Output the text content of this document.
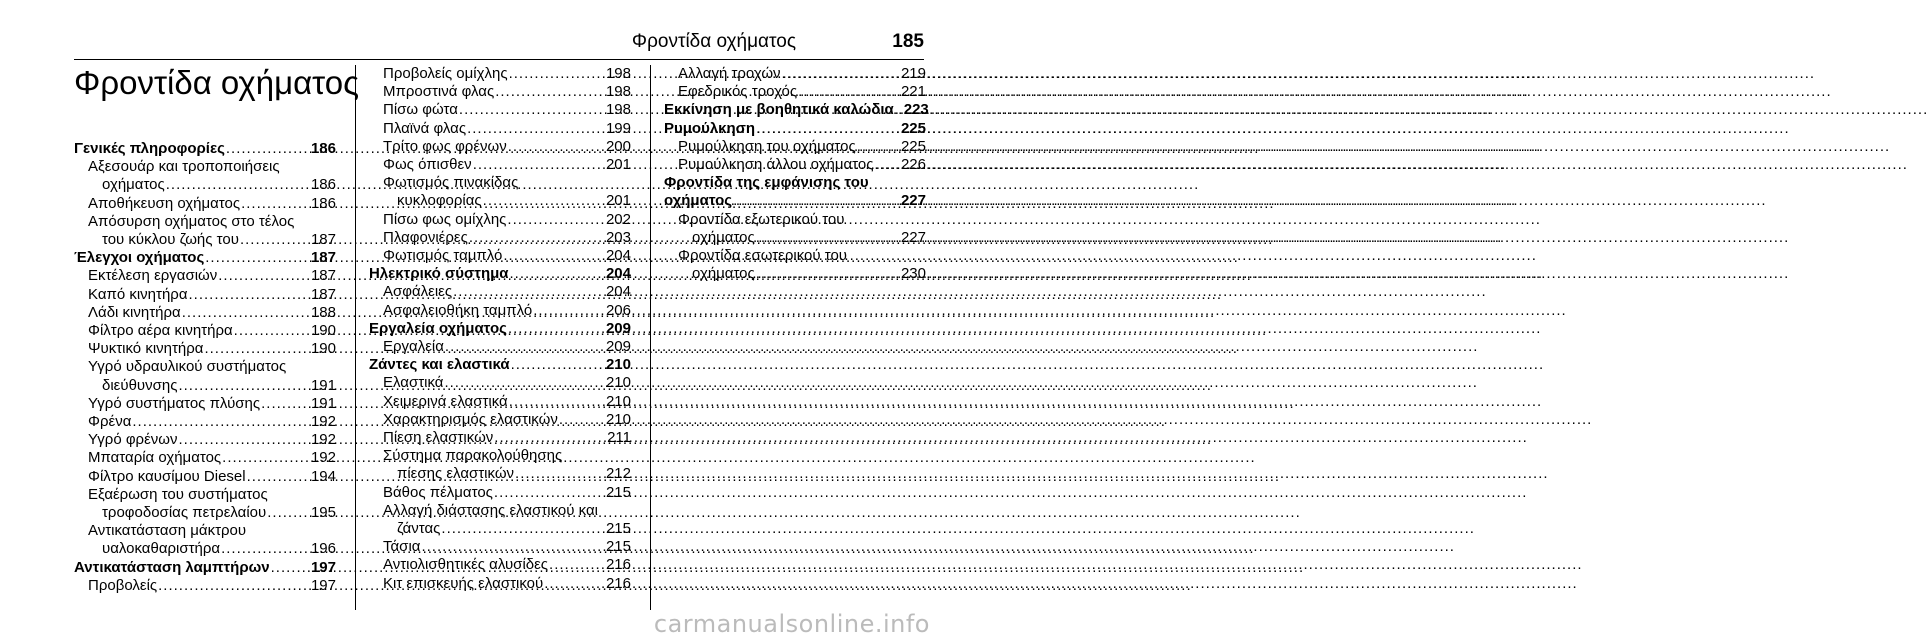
Φροντίδα οχήματος	185
Φροντίδα οχήματος
Γενικές πληροφορίες .....	186
Αξεσουάρ και τροποποιήσεις
οχήματος .....	186
Αποθήκευση οχήματος .....	186
Απόσυρση οχήματος στο τέλος
του κύκλου ζωής του .....	187
Έλεγχοι οχήματος .....	187
Εκτέλεση εργασιών .....	187
Καπό κινητήρα .....	187
Λάδι κινητήρα .....	188
Φίλτρο αέρα κινητήρα .....	190
Ψυκτικό κινητήρα .....	190
Υγρό υδραυλικού συστήματος
διεύθυνσης .....	191
Υγρό συστήματος πλύσης .....	191
Φρένα .....	192
Υγρό φρένων .....	192
Μπαταρία οχήματος .....	192
Φίλτρο καυσίμου Diesel .....	194
Εξαέρωση του συστήματος
τροφοδοσίας πετρελαίου .....	195
Αντικατάσταση μάκτρου
υαλοκαθαριστήρα .....	196
Αντικατάσταση λαμπτήρων .....	197
Προβολείς .....	197
Προβολείς ομίχλης .....	198
Μπροστινά φλας .....	198
Πίσω φώτα .....	198
Πλαϊνά φλας .....	199
Τρίτο φως φρένων .....	200
Φως όπισθεν .....	201
Φωτισμός πινακίδας
κυκλοφορίας .....	201
Πίσω φως ομίχλης .....	202
Πλαφονιέρες .....	203
Φωτισμός ταμπλό .....	204
Ηλεκτρικό σύστημα .....	204
Ασφάλειες .....	204
Ασφαλειοθήκη ταμπλό .....	206
Εργαλεία οχήματος .....	209
Εργαλεία .....	209
Ζάντες και ελαστικά .....	210
Ελαστικά .....	210
Χειμερινά ελαστικά .....	210
Χαρακτηρισμός ελαστικών .....	210
Πίεση ελαστικών .....	211
Σύστημα παρακολούθησης
πίεσης ελαστικών .....	212
Βάθος πέλματος .....	215
Αλλαγή διάστασης ελαστικού και
ζάντας .....	215
Τάσια .....	215
Αντιολισθητικές αλυσίδες .....	216
Κιτ επισκευής ελαστικού .....	216
Αλλαγή τροχών .....	219
Εφεδρικός τροχός .....	221
Εκκίνηση με βοηθητικά καλώδια ..... 223
Ρυμούλκηση .....	225
Ρυμούλκηση του οχήματος .....	225
Ρυμούλκηση άλλου οχήματος ..... 226
Φροντίδα της εμφάνισης του
οχήματος .....	227
Φροντίδα εξωτερικού του
οχήματος .....	227
Φροντίδα εσωτερικού του
οχήματος .....	230
carmanualsonline.info
